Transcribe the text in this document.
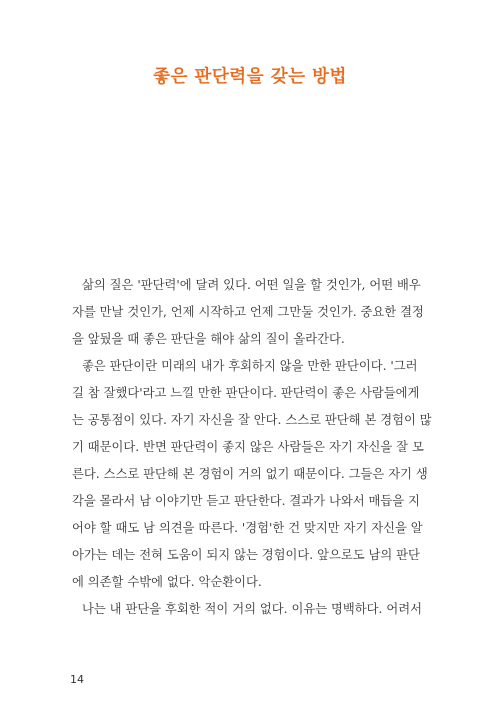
좋은 판단력을 갖는 방법
삶의 질은 '판단력'에 달려 있다. 어떤 일을 할 것인가, 어떤 배우
자를 만날 것인가, 언제 시작하고 언제 그만둘 것인가. 중요한 결정
을 앞뒀을 때 좋은 판단을 해야 삶의 질이 올라간다.
좋은 판단이란 미래의 내가 후회하지 않을 만한 판단이다. '그러
길 참 잘했다'라고 느낄 만한 판단이다. 판단력이 좋은 사람들에게
는 공통점이 있다. 자기 자신을 잘 안다. 스스로 판단해 본 경험이 많
기 때문이다. 반면 판단력이 좋지 않은 사람들은 자기 자신을 잘 모
른다. 스스로 판단해 본 경험이 거의 없기 때문이다. 그들은 자기 생
각을 몰라서 남 이야기만 듣고 판단한다. 결과가 나와서 매듭을 지
어야 할 때도 남 의견을 따른다. '경험'한 건 맞지만 자기 자신을 알
아가는 데는 전혀 도움이 되지 않는 경험이다. 앞으로도 남의 판단
에 의존할 수밖에 없다. 악순환이다.
나는 내 판단을 후회한 적이 거의 없다. 이유는 명백하다. 어려서
14
